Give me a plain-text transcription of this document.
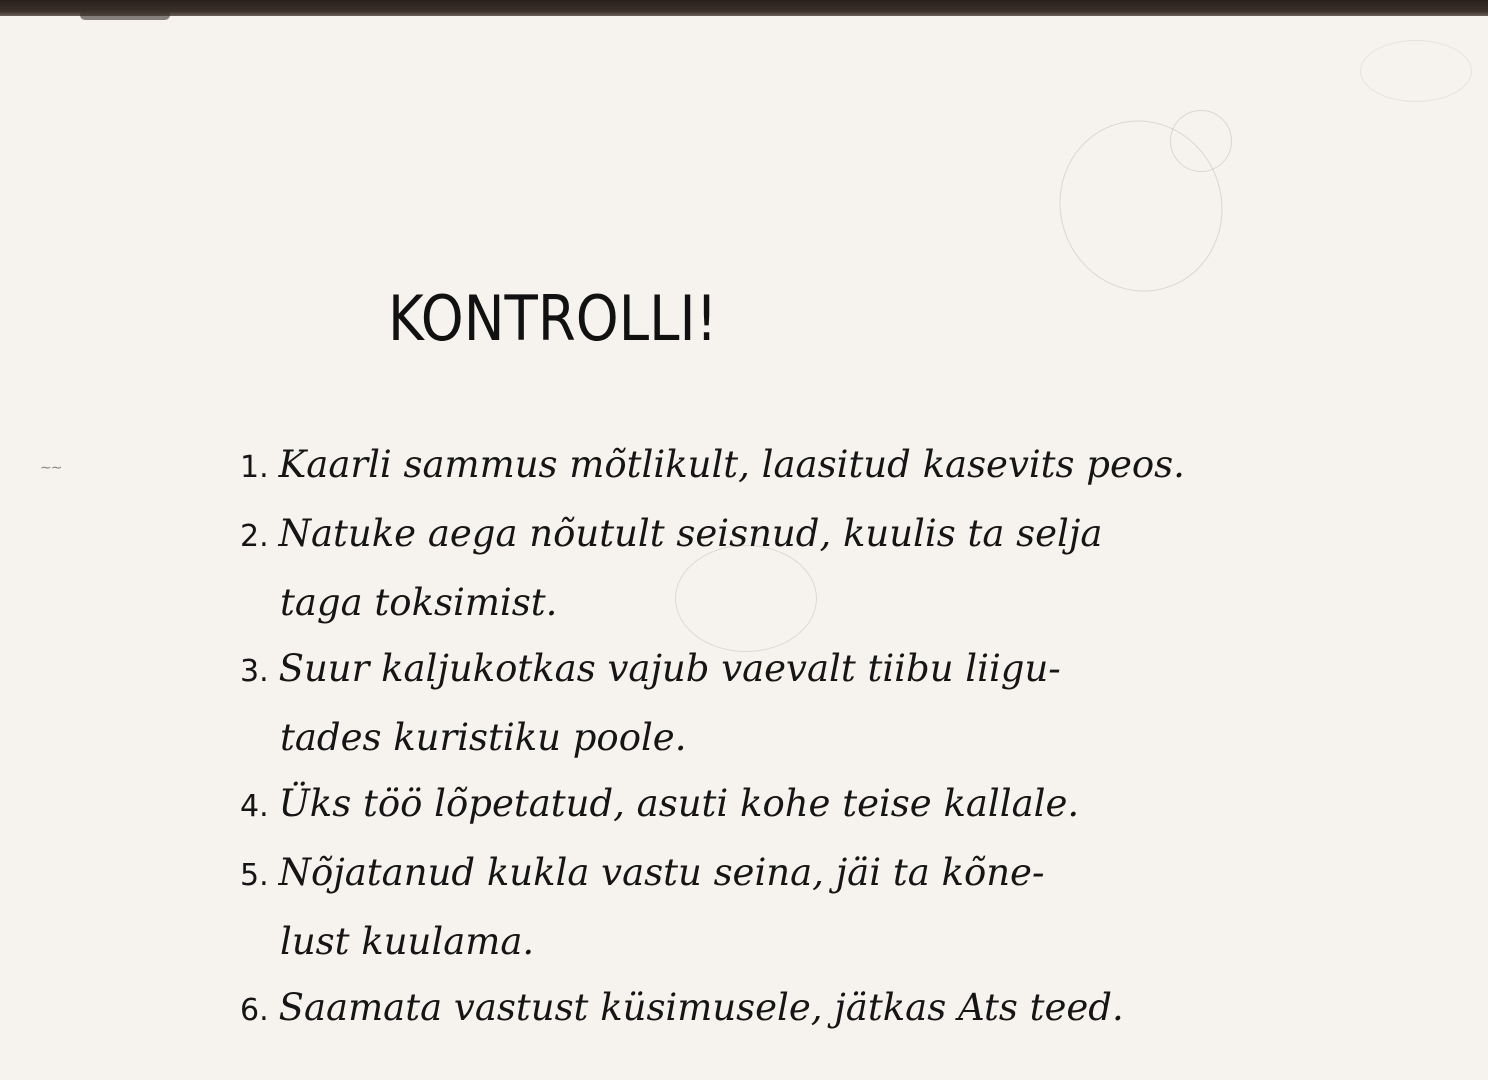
∼∼
KONTROLLI!
1. Kaarli sammus mõtlikult, laasitud kasevits peos.
2. Natuke aega nõutult seisnud, kuulis ta selja
taga toksimist.
3. Suur kaljukotkas vajub vaevalt tiibu liigu-
tades kuristiku poole.
4. Üks töö lõpetatud, asuti kohe teise kallale.
5. Nõjatanud kukla vastu seina, jäi ta kõne-
lust kuulama.
6. Saamata vastust küsimusele, jätkas Ats teed.
